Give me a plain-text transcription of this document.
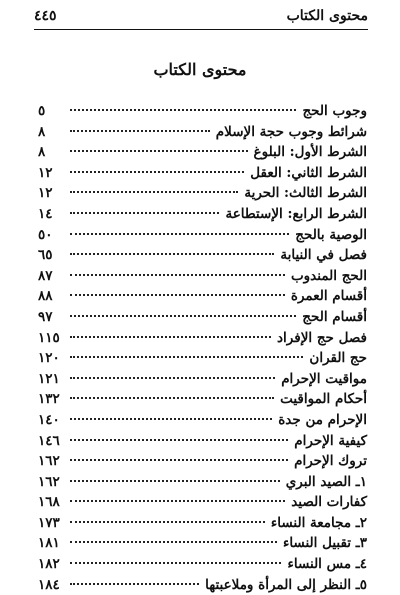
محتوى الكتاب
٤٤٥
محتوى الكتاب
وجوب الحج
٥
شرائط وجوب حجة الإسلام
٨
الشرط الأول: البلوغ
٨
الشرط الثاني: العقل
١٢
الشرط الثالث: الحرية
١٢
الشرط الرابع: الإستطاعة
١٤
الوصية بالحج
٥٠
فصل في النيابة
٦٥
الحج المندوب
٨٧
أقسام العمرة
٨٨
أقسام الحج
٩٧
فصل حج الإفراد
١١٥
حج القران
١٢٠
مواقيت الإحرام
١٢١
أحكام المواقيت
١٣٢
الإحرام من جدة
١٤٠
كيفية الإحرام
١٤٦
تروك الإحرام
١٦٢
١ـ الصيد البري
١٦٢
كفارات الصيد
١٦٨
٢ـ مجامعة النساء
١٧٣
٣ـ تقبيل النساء
١٨١
٤ـ مس النساء
١٨٢
٥ـ النظر إلى المرأة وملاعبتها
١٨٤
